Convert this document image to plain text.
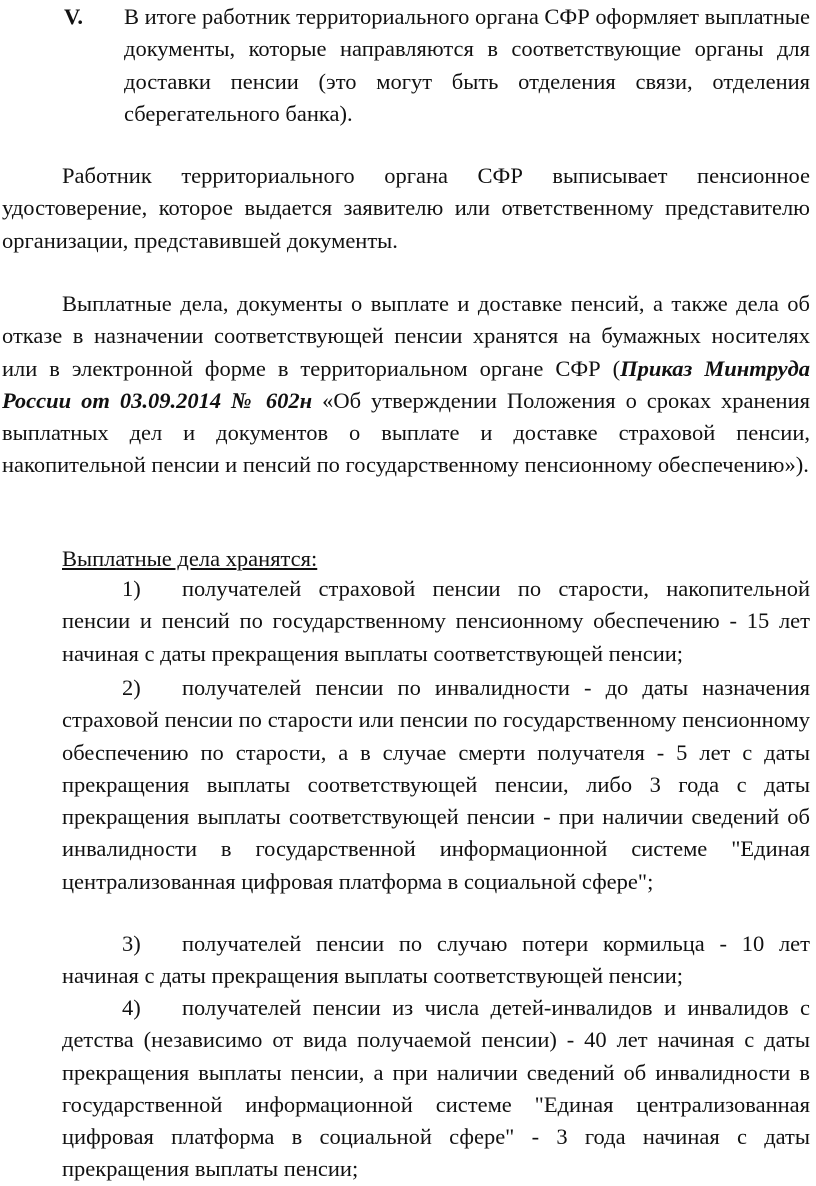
V. В итоге работник территориального органа СФР оформляет выплатные документы, которые направляются в соответствующие органы для доставки пенсии (это могут быть отделения связи, отделения сберегательного банка).

Работник территориального органа СФР выписывает пенсионное удостоверение, которое выдается заявителю или ответственному представителю организации, представившей документы.

Выплатные дела, документы о выплате и доставке пенсий, а также дела об отказе в назначении соответствующей пенсии хранятся на бумажных носителях или в электронной форме в территориальном органе СФР (Приказ Минтруда России от 03.09.2014 № 602н «Об утверждении Положения о сроках хранения выплатных дел и документов о выплате и доставке страховой пенсии, накопительной пенсии и пенсий по государственному пенсионному обеспечению»).

Выплатные дела хранятся:

1) получателей страховой пенсии по старости, накопительной пенсии и пенсий по государственному пенсионному обеспечению - 15 лет начиная с даты прекращения выплаты соответствующей пенсии;

2) получателей пенсии по инвалидности - до даты назначения страховой пенсии по старости или пенсии по государственному пенсионному обеспечению по старости, а в случае смерти получателя - 5 лет с даты прекращения выплаты соответствующей пенсии, либо 3 года с даты прекращения выплаты соответствующей пенсии - при наличии сведений об инвалидности в государственной информационной системе "Единая централизованная цифровая платформа в социальной сфере";

3) получателей пенсии по случаю потери кормильца - 10 лет начиная с даты прекращения выплаты соответствующей пенсии;

4) получателей пенсии из числа детей-инвалидов и инвалидов с детства (независимо от вида получаемой пенсии) - 40 лет начиная с даты прекращения выплаты пенсии, а при наличии сведений об инвалидности в государственной информационной системе "Единая централизованная цифровая платформа в социальной сфере" - 3 года начиная с даты прекращения выплаты пенсии;
